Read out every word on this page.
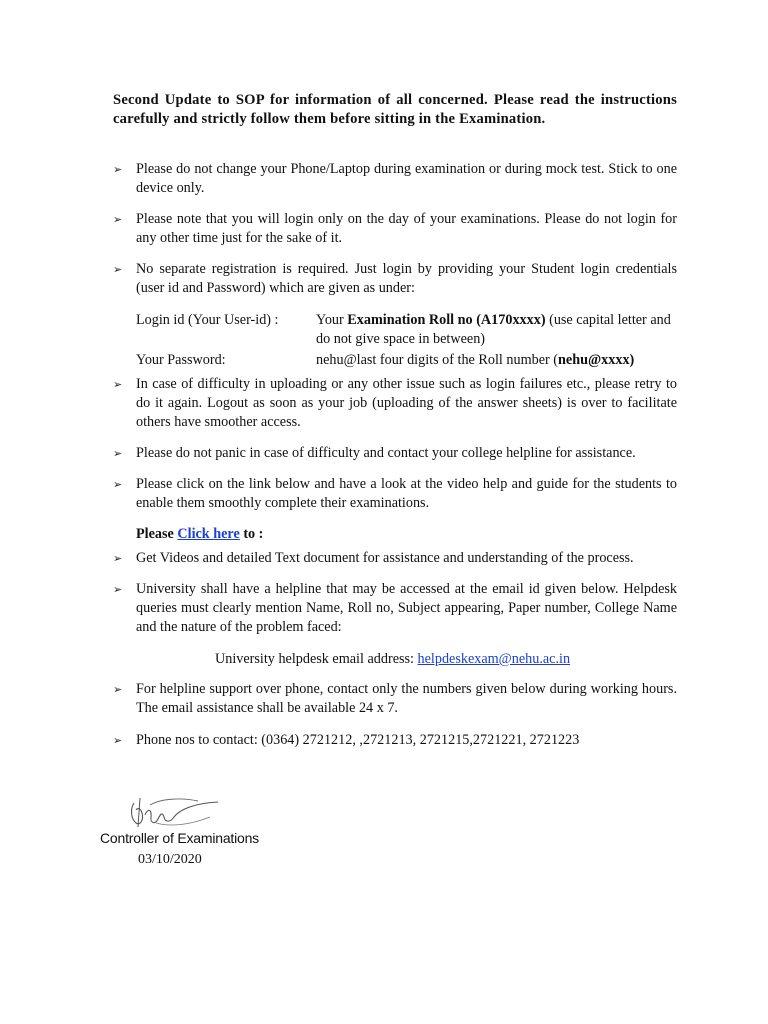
Second Update to SOP for information of all concerned. Please read the instructions carefully and strictly follow them before sitting in the Examination.
➢ Please do not change your Phone/Laptop during examination or during mock test. Stick to one device only.
➢ Please note that you will login only on the day of your examinations. Please do not login for any other time just for the sake of it.
➢ No separate registration is required. Just login by providing your Student login credentials (user id and Password) which are given as under:
Login id (Your User-id) :	Your Examination Roll no (A170xxxx) (use capital letter and do not give space in between)
Your Password:	nehu@last four digits of the Roll number (nehu@xxxx)
➢ In case of difficulty in uploading or any other issue such as login failures etc., please retry to do it again. Logout as soon as your job (uploading of the answer sheets) is over to facilitate others have smoother access.
➢ Please do not panic in case of difficulty and contact your college helpline for assistance.
➢ Please click on the link below and have a look at the video help and guide for the students to enable them smoothly complete their examinations.
Please Click here to :
➢ Get Videos and detailed Text document for assistance and understanding of the process.
➢ University shall have a helpline that may be accessed at the email id given below. Helpdesk queries must clearly mention Name, Roll no, Subject appearing, Paper number, College Name and the nature of the problem faced:
University helpdesk email address: helpdeskexam@nehu.ac.in
➢ For helpline support over phone, contact only the numbers given below during working hours. The email assistance shall be available 24 x 7.
➢ Phone nos to contact: (0364) 2721212, ,2721213, 2721215,2721221, 2721223
Controller of Examinations
03/10/2020
